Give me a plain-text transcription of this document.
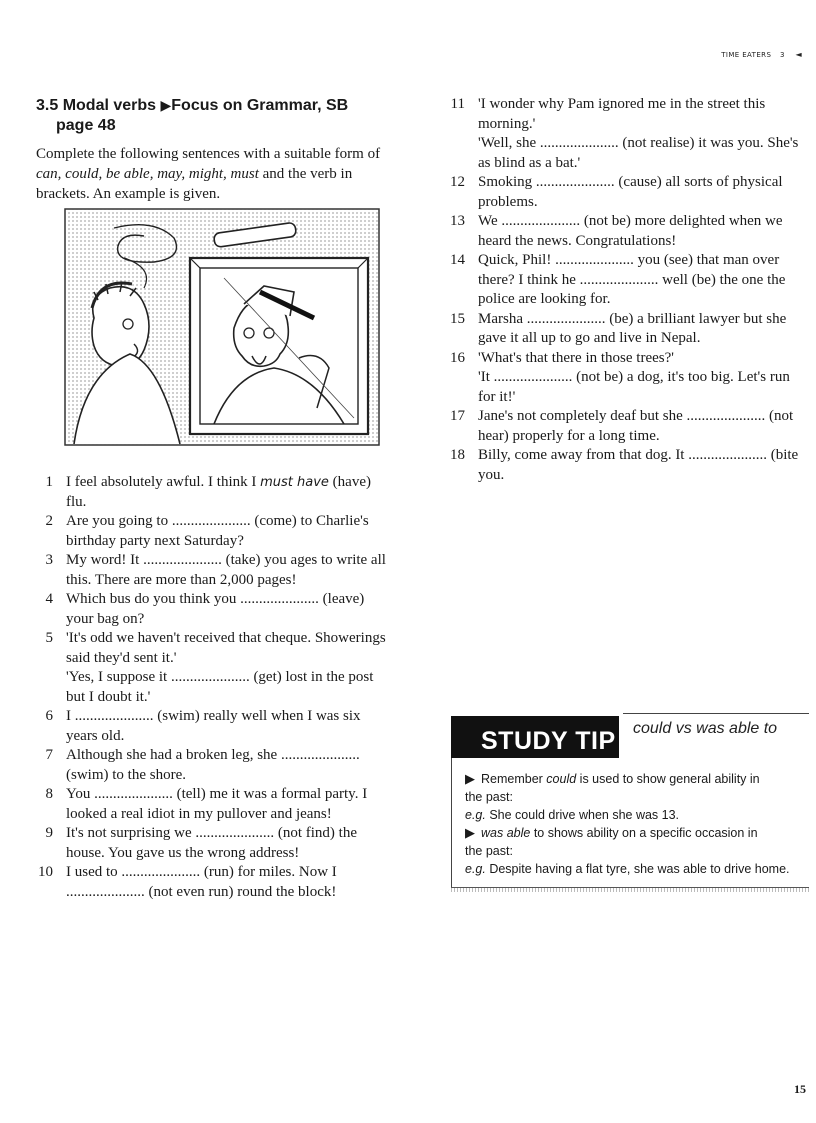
TIME EATERS 3 ◄
3.5 Modal verbs ▶Focus on Grammar, SB
page 48
Complete the following sentences with a suitable form of can, could, be able, may, might, must and the verb in brackets. An example is given.
1 I feel absolutely awful. I think I must have (have)
flu.
2 Are you going to ..................... (come) to Charlie's
birthday party next Saturday?
3 My word! It ..................... (take) you ages to write all
this. There are more than 2,000 pages!
4 Which bus do you think you ..................... (leave)
your bag on?
5 'It's odd we haven't received that cheque. Showerings
said they'd sent it.'
'Yes, I suppose it ..................... (get) lost in the post
but I doubt it.'
6 I ..................... (swim) really well when I was six
years old.
7 Although she had a broken leg, she .....................
(swim) to the shore.
8 You ..................... (tell) me it was a formal party. I
looked a real idiot in my pullover and jeans!
9 It's not surprising we ..................... (not find) the
house. You gave us the wrong address!
10 I used to ..................... (run) for miles. Now I
..................... (not even run) round the block!
11 'I wonder why Pam ignored me in the street this
morning.'
'Well, she ..................... (not realise) it was you. She's
as blind as a bat.'
12 Smoking ..................... (cause) all sorts of physical
problems.
13 We ..................... (not be) more delighted when we
heard the news. Congratulations!
14 Quick, Phil! ..................... you (see) that man over
there? I think he ..................... well (be) the one the
police are looking for.
15 Marsha ..................... (be) a brilliant lawyer but she
gave it all up to go and live in Nepal.
16 'What's that there in those trees?'
'It ..................... (not be) a dog, it's too big. Let's run
for it!'
17 Jane's not completely deaf but she ..................... (not
hear) properly for a long time.
18 Billy, come away from that dog. It ..................... (bite
you.
STUDY TIP could vs was able to
▶ Remember could is used to show general ability in
the past:
e.g. She could drive when she was 13.
▶ was able to shows ability on a specific occasion in
the past:
e.g. Despite having a flat tyre, she was able to drive home.
15
